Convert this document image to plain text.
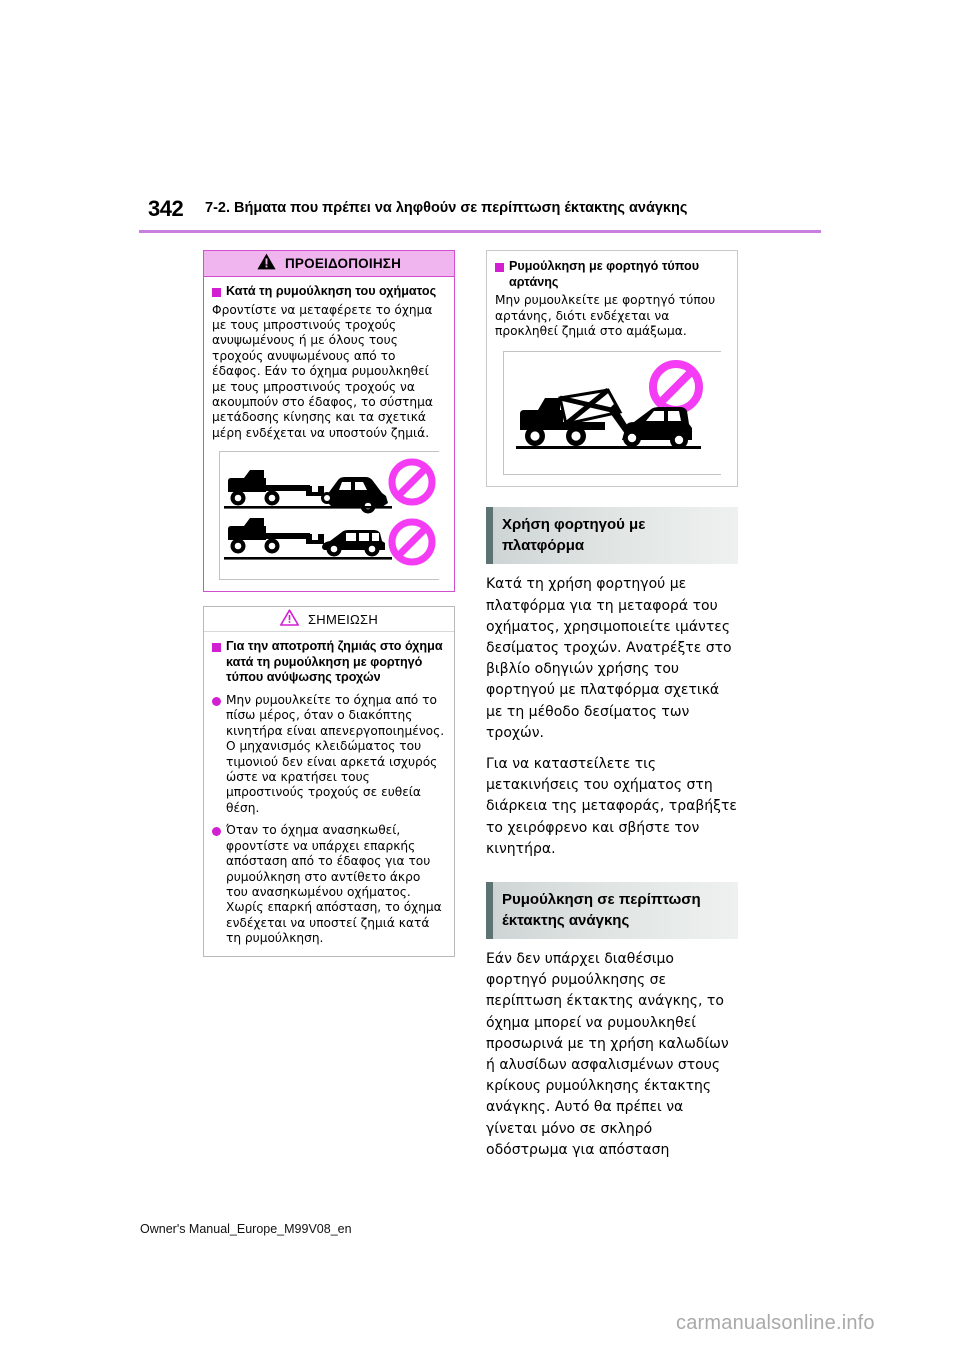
342 7-2. Βήματα που πρέπει να ληφθούν σε περίπτωση έκτακτης ανάγκης
ΠΡΟΕΙΔΟΠΟΙΗΣΗ
Κατά τη ρυμούλκηση του οχήματος

Φροντίστε να μεταφέρετε το όχημα με τους μπροστινούς τροχούς ανυψωμένους ή με όλους τους τροχούς ανυψωμένους από το έδαφος. Εάν το όχημα ρυμουλκηθεί με τους μπροστινούς τροχούς να ακουμπούν στο έδαφος, το σύστημα μετάδοσης κίνησης και τα σχετικά μέρη ενδέχεται να υποστούν ζημιά.

ΣΗΜΕΙΩΣΗ
Για την αποτροπή ζημιάς στο όχημα κατά τη ρυμούλκηση με φορτηγό τύπου ανύψωσης τροχών
Μην ρυμουλκείτε το όχημα από το πίσω μέρος, όταν ο διακόπτης κινητήρα είναι απενεργοποιημένος. Ο μηχανισμός κλειδώματος του τιμονιού δεν είναι αρκετά ισχυρός ώστε να κρατήσει τους μπροστινούς τροχούς σε ευθεία θέση.
Όταν το όχημα ανασηκωθεί, φροντίστε να υπάρχει επαρκής απόσταση από το έδαφος για του ρυμούλκηση στο αντίθετο άκρο του ανασηκωμένου οχήματος. Χωρίς επαρκή απόσταση, το όχημα ενδέχεται να υποστεί ζημιά κατά τη ρυμούλκηση.
Ρυμούλκηση με φορτηγό τύπου αρτάνης

Μην ρυμουλκείτε με φορτηγό τύπου αρτάνης, διότι ενδέχεται να προκληθεί ζημιά στο αμάξωμα.

Χρήση φορτηγού με πλατφόρμα

Κατά τη χρήση φορτηγού με πλατφόρμα για τη μεταφορά του οχήματος, χρησιμοποιείτε ιμάντες δεσίματος τροχών. Ανατρέξτε στο βιβλίο οδηγιών χρήσης του φορτηγού με πλατφόρμα σχετικά με τη μέθοδο δεσίματος των τροχών.

Για να καταστείλετε τις μετακινήσεις του οχήματος στη διάρκεια της μεταφοράς, τραβήξτε το χειρόφρενο και σβήστε τον κινητήρα.

Ρυμούλκηση σε περίπτωση έκτακτης ανάγκης

Εάν δεν υπάρχει διαθέσιμο φορτηγό ρυμούλκησης σε περίπτωση έκτακτης ανάγκης, το όχημα μπορεί να ρυμουλκηθεί προσωρινά με τη χρήση καλωδίων ή αλυσίδων ασφαλισμένων στους κρίκους ρυμούλκησης έκτακτης ανάγκης. Αυτό θα πρέπει να γίνεται μόνο σε σκληρό οδόστρωμα για απόσταση

Owner's Manual_Europe_M99V08_en
carmanualsonline.info
